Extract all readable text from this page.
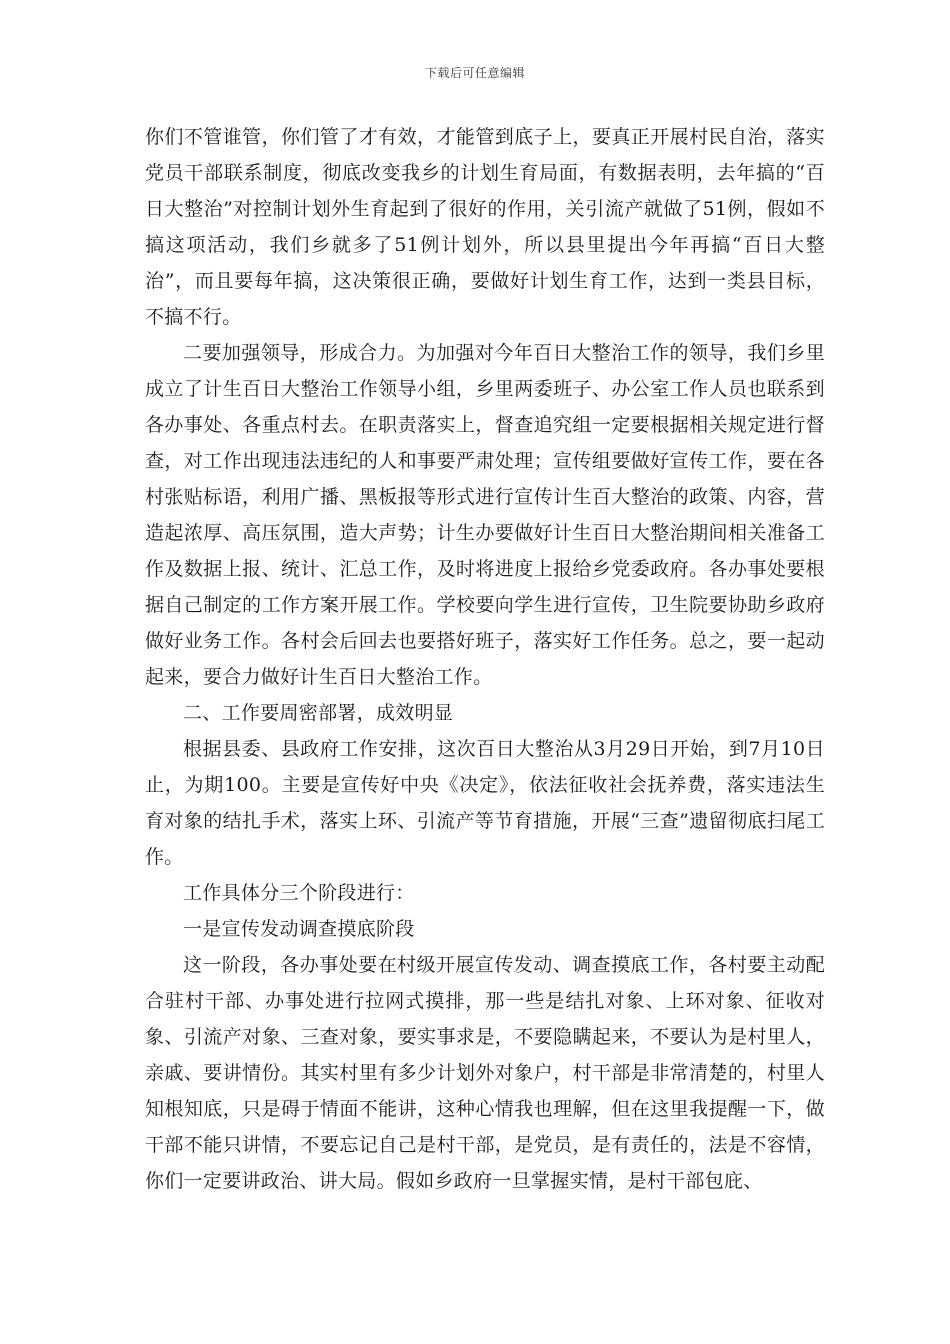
下载后可任意编辑

你们不管谁管，你们管了才有效，才能管到底子上，要真正开展村民自治，落实党员干部联系制度，彻底改变我乡的计划生育局面，有数据表明，去年搞的“百日大整治”对控制计划外生育起到了很好的作用，关引流产就做了51例，假如不搞这项活动，我们乡就多了51例计划外，所以县里提出今年再搞“百日大整治”，而且要每年搞，这决策很正确，要做好计划生育工作，达到一类县目标，不搞不行。

二要加强领导，形成合力。为加强对今年百日大整治工作的领导，我们乡里成立了计生百日大整治工作领导小组，乡里两委班子、办公室工作人员也联系到各办事处、各重点村去。在职责落实上，督查追究组一定要根据相关规定进行督查，对工作出现违法违纪的人和事要严肃处理；宣传组要做好宣传工作，要在各村张贴标语，利用广播、黑板报等形式进行宣传计生百大整治的政策、内容，营造起浓厚、高压氛围，造大声势；计生办要做好计生百日大整治期间相关准备工作及数据上报、统计、汇总工作，及时将进度上报给乡党委政府。各办事处要根据自己制定的工作方案开展工作。学校要向学生进行宣传，卫生院要协助乡政府做好业务工作。各村会后回去也要搭好班子，落实好工作任务。总之，要一起动起来，要合力做好计生百日大整治工作。

二、工作要周密部署，成效明显

根据县委、县政府工作安排，这次百日大整治从3月29日开始，到7月10日止，为期100。主要是宣传好中央《决定》，依法征收社会抚养费，落实违法生育对象的结扎手术，落实上环、引流产等节育措施，开展“三查”遗留彻底扫尾工作。

工作具体分三个阶段进行：

一是宣传发动调查摸底阶段

这一阶段，各办事处要在村级开展宣传发动、调查摸底工作，各村要主动配合驻村干部、办事处进行拉网式摸排，那一些是结扎对象、上环对象、征收对象、引流产对象、三查对象，要实事求是，不要隐瞒起来，不要认为是村里人，亲戚、要讲情份。其实村里有多少计划外对象户，村干部是非常清楚的，村里人知根知底，只是碍于情面不能讲，这种心情我也理解，但在这里我提醒一下，做干部不能只讲情，不要忘记自己是村干部，是党员，是有责任的，法是不容情，你们一定要讲政治、讲大局。假如乡政府一旦掌握实情，是村干部包庇、
